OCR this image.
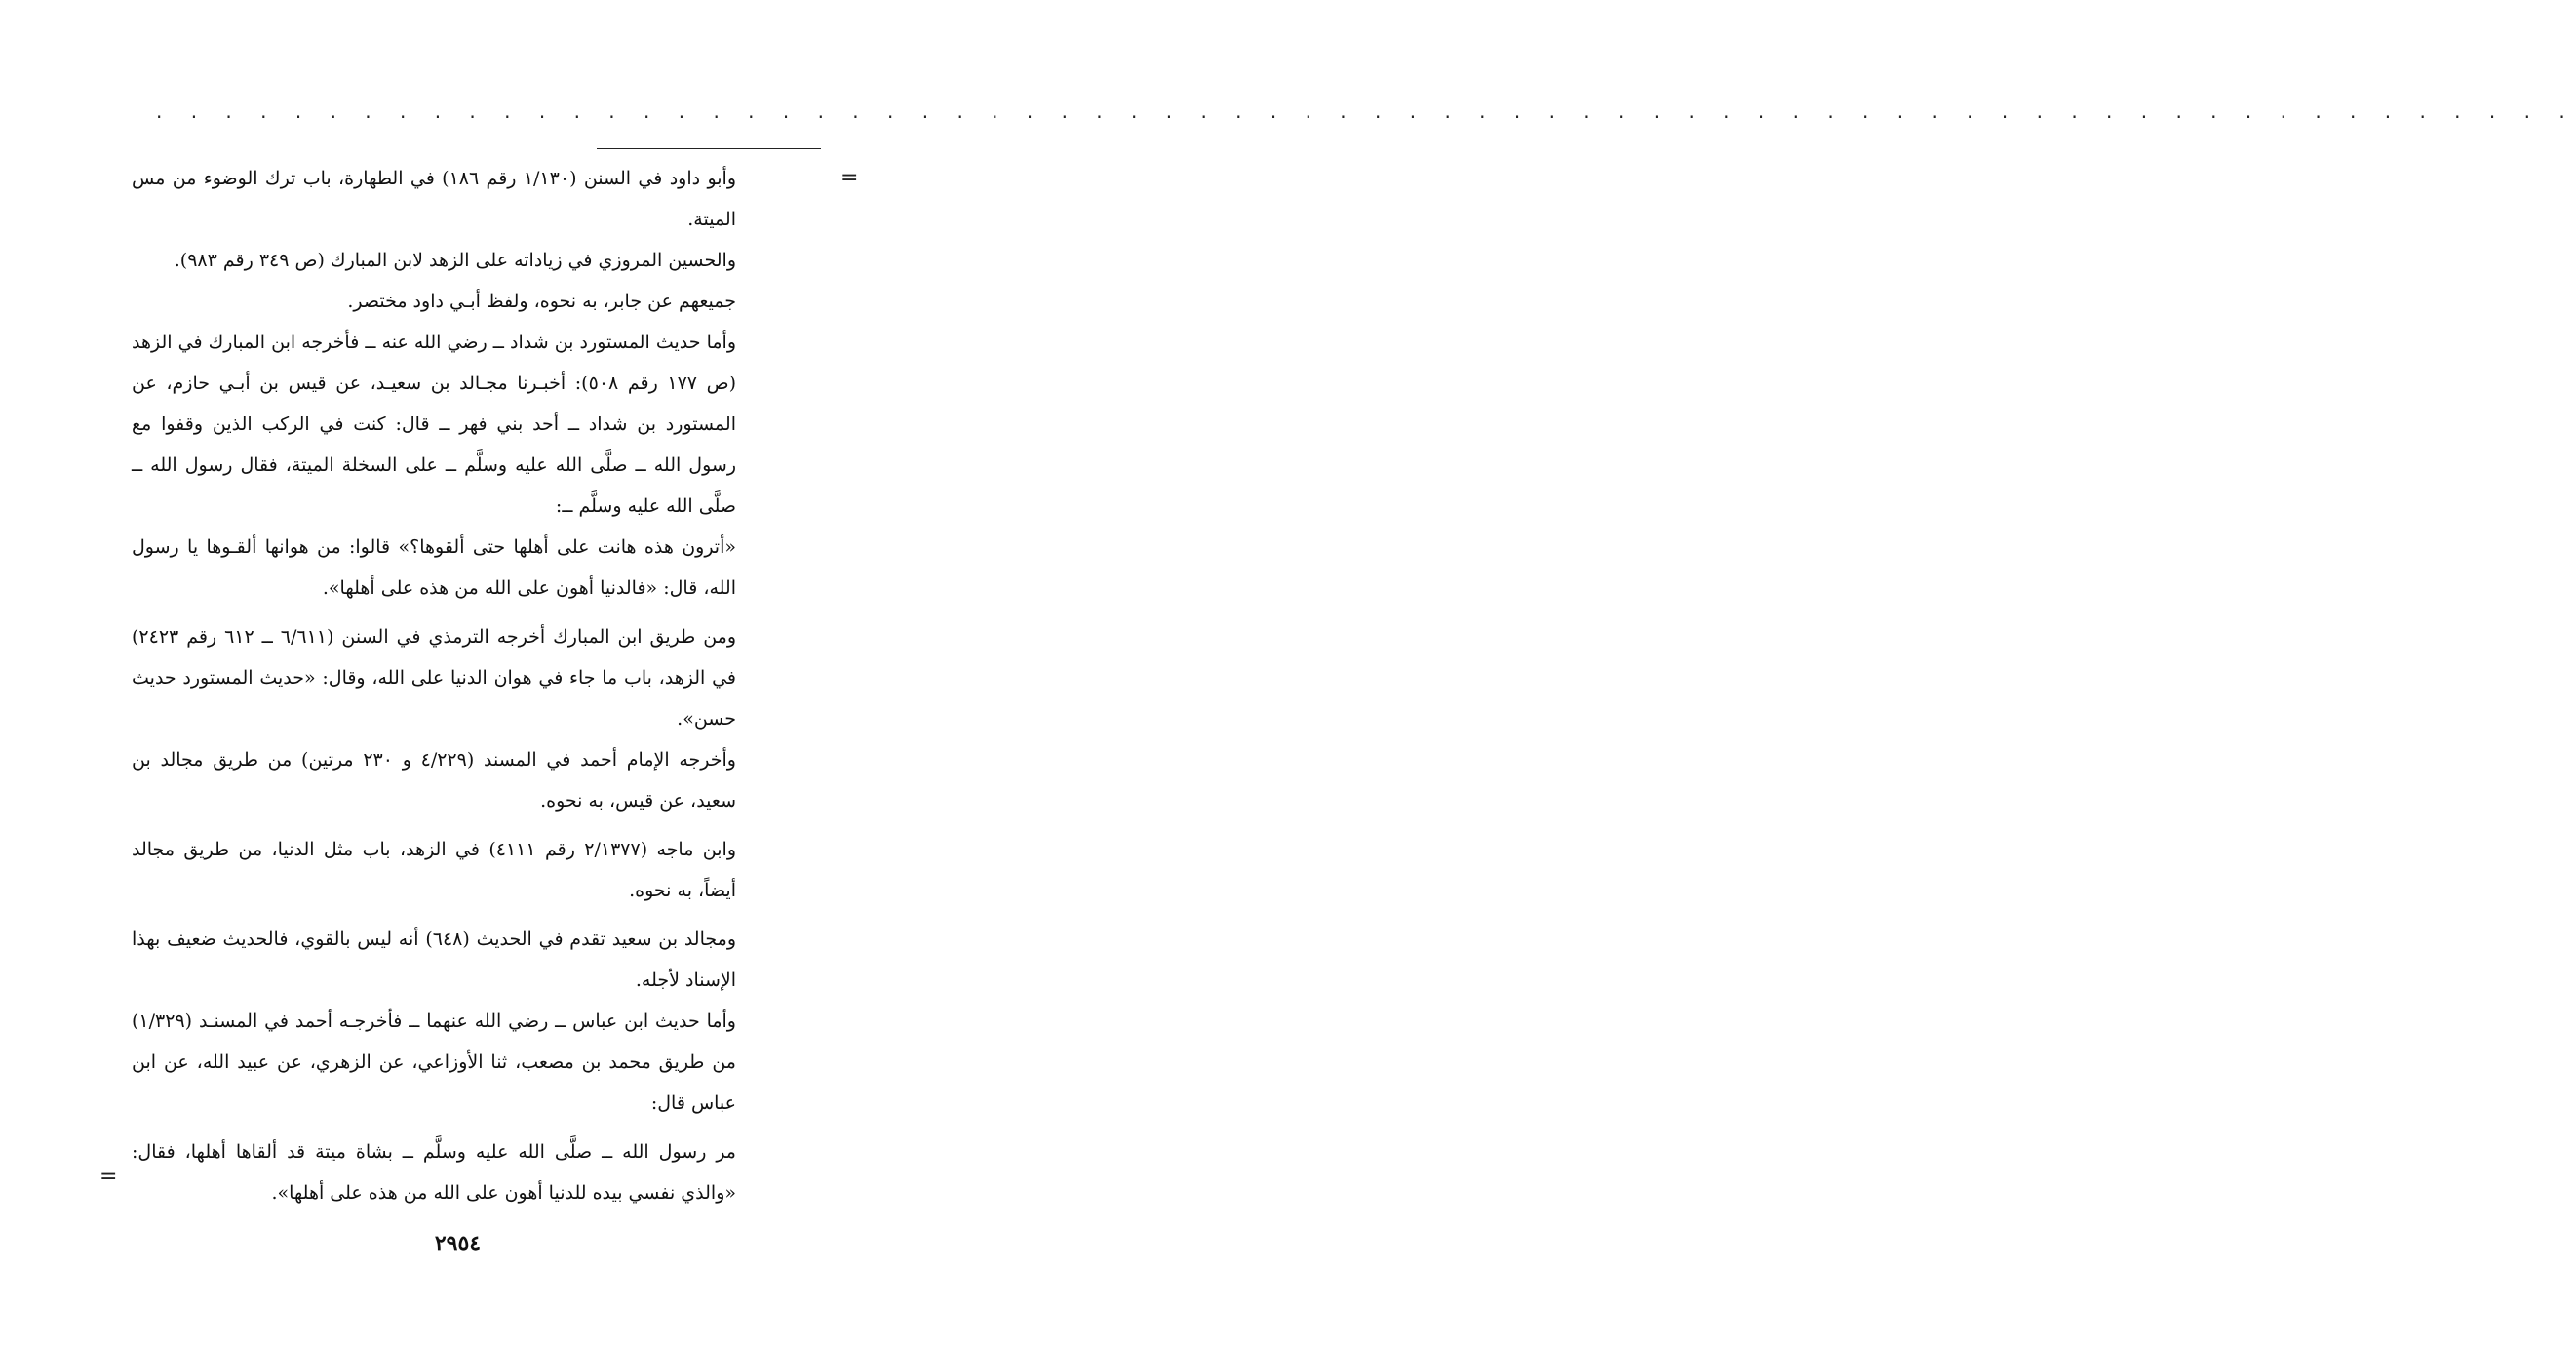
. . . . . . . . . . . . . . . . . . . . . . . . . . . . . . . . . . . . . . . . . . . . . . . . . . . . . . . . . . . . . . . . . . . . . .
=

وأبو داود في السنن (١/١٣٠ رقم ١٨٦) في الطهارة، باب ترك الوضوء من مس الميتة.

والحسين المروزي في زياداته على الزهد لابن المبارك (ص ٣٤٩ رقم ٩٨٣).

جميعهم عن جابر، به نحوه، ولفظ أبـي داود مختصر.

وأما حديث المستورد بن شداد ــ رضي الله عنه ــ فأخرجه ابن المبارك في الزهد (ص ١٧٧ رقم ٥٠٨): أخبـرنا مجـالد بن سعيـد، عن قيس بن أبـي حازم، عن المستورد بن شداد ــ أحد بني فهر ــ قال: كنت في الركب الذين وقفوا مع رسول الله ــ صلَّى الله عليه وسلَّم ــ على السخلة الميتة، فقال رسول الله ــ صلَّى الله عليه وسلَّم ــ:

«أترون هذه هانت على أهلها حتى ألقوها؟» قالوا: من هوانها ألقـوها يا رسول الله، قال: «فالدنيا أهون على الله من هذه على أهلها».

ومن طريق ابن المبارك أخرجه الترمذي في السنن (٦/٦١١ ــ ٦١٢ رقم ٢٤٢٣) في الزهد، باب ما جاء في هوان الدنيا على الله، وقال: «حديث المستورد حديث حسن».

وأخرجه الإمام أحمد في المسند (٤/٢٢٩ و ٢٣٠ مرتين) من طريق مجالد بن سعيد، عن قيس، به نحوه.

وابن ماجه (٢/١٣٧٧ رقم ٤١١١) في الزهد، باب مثل الدنيا، من طريق مجالد أيضاً، به نحوه.

ومجالد بن سعيد تقدم في الحديث (٦٤٨) أنه ليس بالقوي، فالحديث ضعيف بهذا الإسناد لأجله.

وأما حديث ابن عباس ــ رضي الله عنهما ــ فأخرجـه أحمد في المسنـد (١/٣٢٩) من طريق محمد بن مصعب، ثنا الأوزاعي، عن الزهري، عن عبيد الله، عن ابن عباس قال:

مر رسول الله ــ صلَّى الله عليه وسلَّم ــ بشاة ميتة قد ألقاها أهلها، فقال: «والذي نفسي بيده للدنيا أهون على الله من هذه على أهلها».

=
٢٩٥٤
